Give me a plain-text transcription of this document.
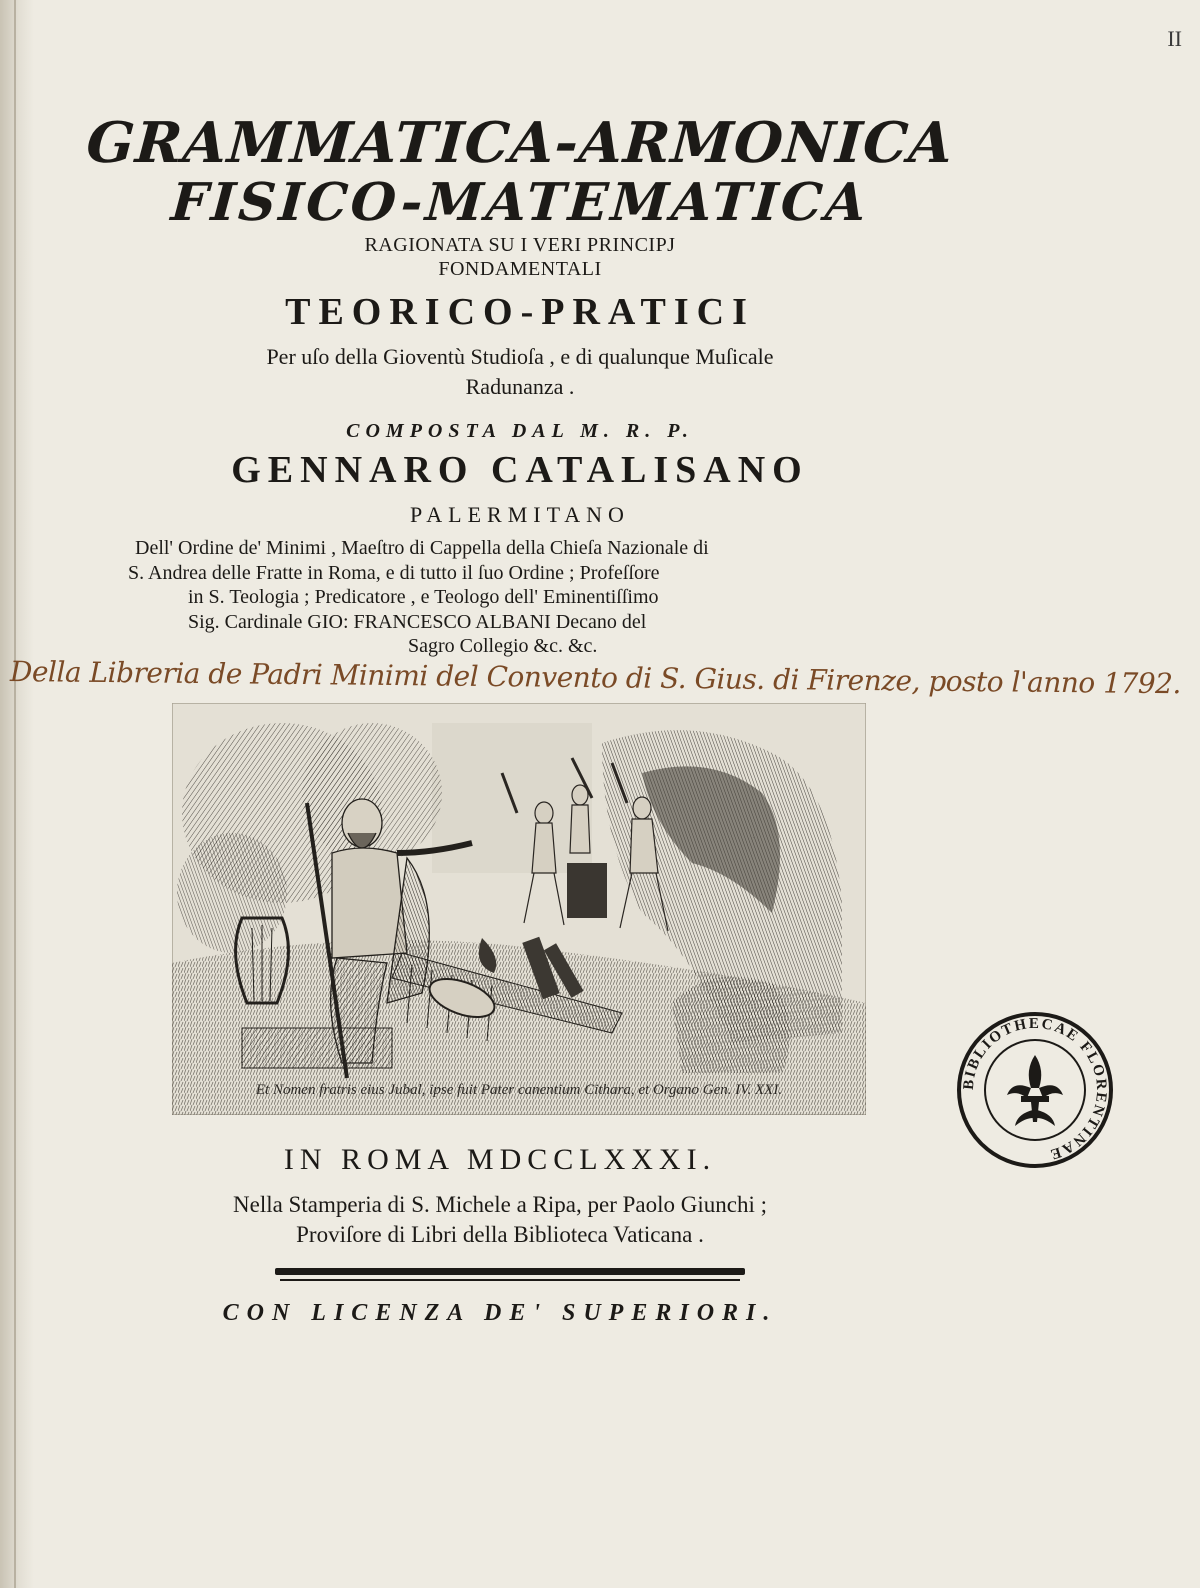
II
GRAMMATICA-ARMONICA
FISICO-MATEMATICA
RAGIONATA SU I VERI PRINCIPJ
FONDAMENTALI
TEORICO-PRATICI
Per uſo della Gioventù Studioſa , e di qualunque Muſicale
Radunanza .
COMPOSTA DAL M. R. P.
GENNARO CATALISANO
PALERMITANO
Dell' Ordine de' Minimi , Maeſtro di Cappella della Chieſa Nazionale di
S. Andrea delle Fratte in Roma, e di tutto il ſuo Ordine ; Profeſſore
in S. Teologia ; Predicatore , e Teologo dell' Eminentiſſimo
Sig. Cardinale GIO: FRANCESCO ALBANI Decano del
Sagro Collegio &c. &c.
Della Libreria de Padri Minimi del Convento di S. Gius. di Firenze, posto l'anno 1792.
Et Nomen fratris eius Jubal, ipse fuit Pater canentium Cithara, et Organo Gen. IV. XXI.
IN ROMA MDCCLXXXI.
Nella Stamperia di S. Michele a Ripa, per Paolo Giunchi ;
Proviſore di Libri della Biblioteca Vaticana .
CON LICENZA DE' SUPERIORI.
BIBLIOTHECAE FLORENTINAE
